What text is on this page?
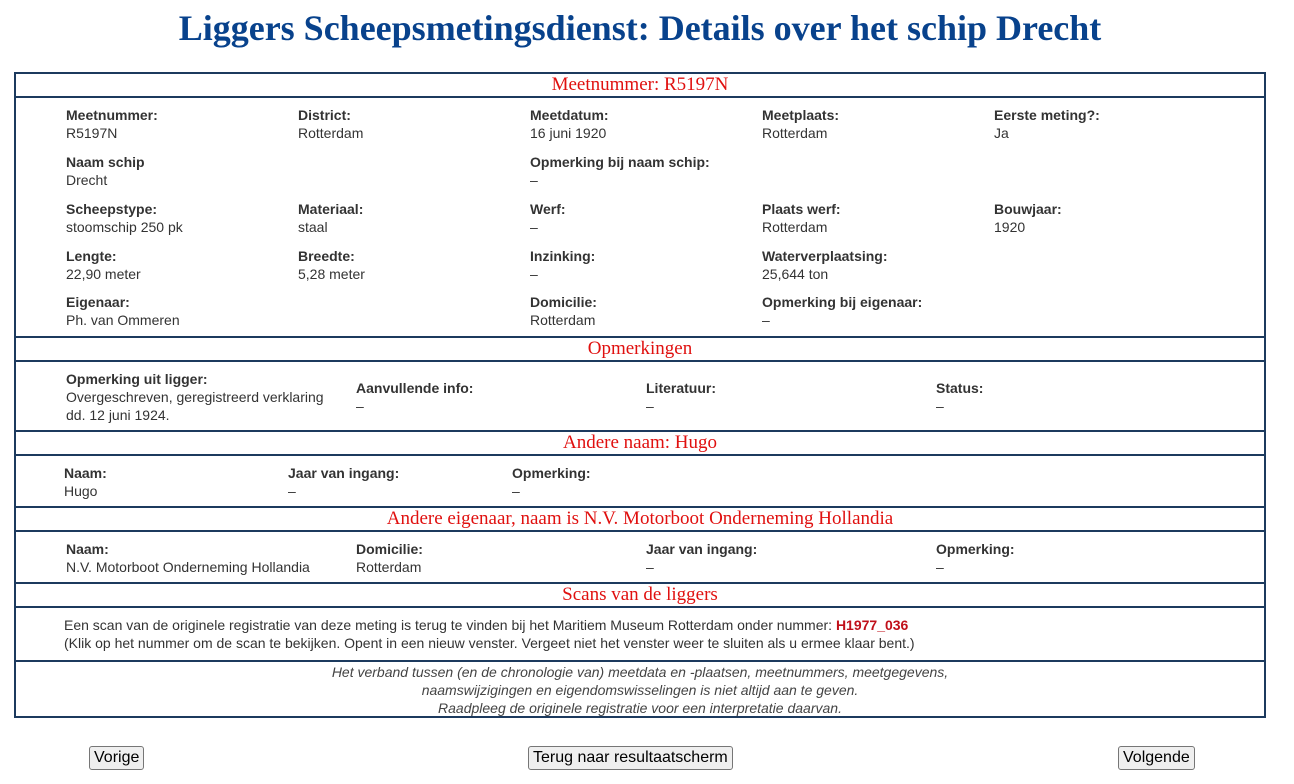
Liggers Scheepsmetingsdienst: Details over het schip Drecht
Meetnummer: R5197N
Meetnummer:
R5197N
District:
Rotterdam
Meetdatum:
16 juni 1920
Meetplaats:
Rotterdam
Eerste meting?:
Ja
Naam schip
Drecht
Opmerking bij naam schip:
–
Scheepstype:
stoomschip 250 pk
Materiaal:
staal
Werf:
–
Plaats werf:
Rotterdam
Bouwjaar:
1920
Lengte:
22,90 meter
Breedte:
5,28 meter
Inzinking:
–
Waterverplaatsing:
25,644 ton
Eigenaar:
Ph. van Ommeren
Domicilie:
Rotterdam
Opmerking bij eigenaar:
–
Opmerkingen
Opmerking uit ligger:
Overgeschreven, geregistreerd verklaring
dd. 12 juni 1924.
Aanvullende info:
–
Literatuur:
–
Status:
–
Andere naam: Hugo
Naam:
Hugo
Jaar van ingang:
–
Opmerking:
–
Andere eigenaar, naam is N.V. Motorboot Onderneming Hollandia
Naam:
N.V. Motorboot Onderneming Hollandia
Domicilie:
Rotterdam
Jaar van ingang:
–
Opmerking:
–
Scans van de liggers
Een scan van de originele registratie van deze meting is terug te vinden bij het Maritiem Museum Rotterdam onder nummer: H1977_036
(Klik op het nummer om de scan te bekijken. Opent in een nieuw venster. Vergeet niet het venster weer te sluiten als u ermee klaar bent.)
Het verband tussen (en de chronologie van) meetdata en -plaatsen, meetnummers, meetgegevens,
naamswijzigingen en eigendomswisselingen is niet altijd aan te geven.
Raadpleeg de originele registratie voor een interpretatie daarvan.
Vorige	Terug naar resultaatscherm	Volgende
